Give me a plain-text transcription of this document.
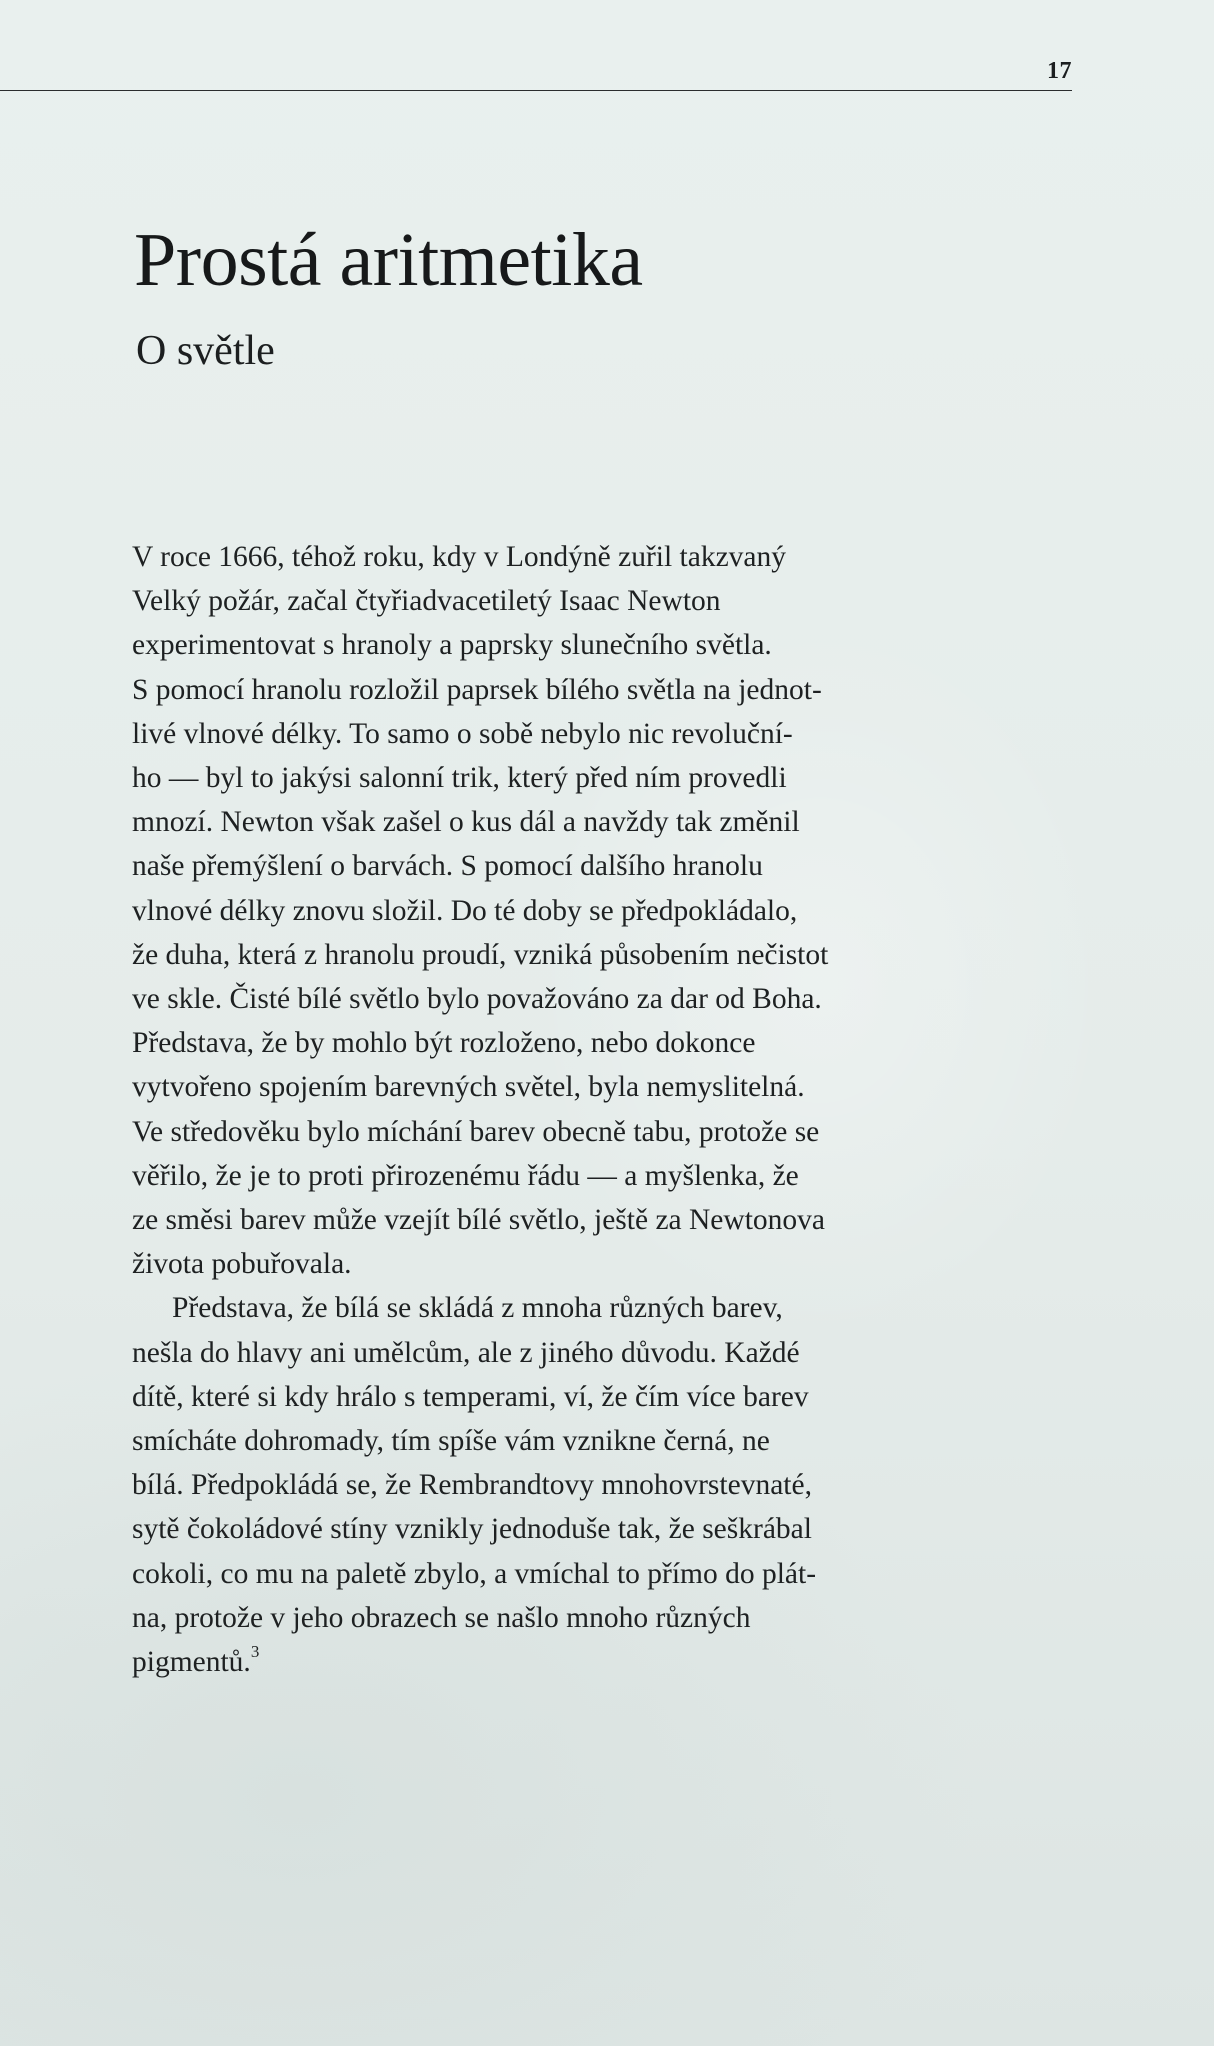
17
Prostá aritmetika
O světle
V roce 1666, téhož roku, kdy v Londýně zuřil takzvaný
Velký požár, začal čtyřiadvacetiletý Isaac Newton
experimentovat s hranoly a paprsky slunečního světla.
S pomocí hranolu rozložil paprsek bílého světla na jednot-
livé vlnové délky. To samo o sobě nebylo nic revoluční-
ho — byl to jakýsi salonní trik, který před ním provedli
mnozí. Newton však zašel o kus dál a navždy tak změnil
naše přemýšlení o barvách. S pomocí dalšího hranolu
vlnové délky znovu složil. Do té doby se předpokládalo,
že duha, která z hranolu proudí, vzniká působením nečistot
ve skle. Čisté bílé světlo bylo považováno za dar od Boha.
Představa, že by mohlo být rozloženo, nebo dokonce
vytvořeno spojením barevných světel, byla nemyslitelná.
Ve středověku bylo míchání barev obecně tabu, protože se
věřilo, že je to proti přirozenému řádu — a myšlenka, že
ze směsi barev může vzejít bílé světlo, ještě za Newtonova
života pobuřovala.
Představa, že bílá se skládá z mnoha různých barev,
nešla do hlavy ani umělcům, ale z jiného důvodu. Každé
dítě, které si kdy hrálo s temperami, ví, že čím více barev
smícháte dohromady, tím spíše vám vznikne černá, ne
bílá. Předpokládá se, že Rembrandtovy mnohovrstevnaté,
sytě čokoládové stíny vznikly jednoduše tak, že seškrábal
cokoli, co mu na paletě zbylo, a vmíchal to přímo do plát-
na, protože v jeho obrazech se našlo mnoho různých
pigmentů.$^3$
